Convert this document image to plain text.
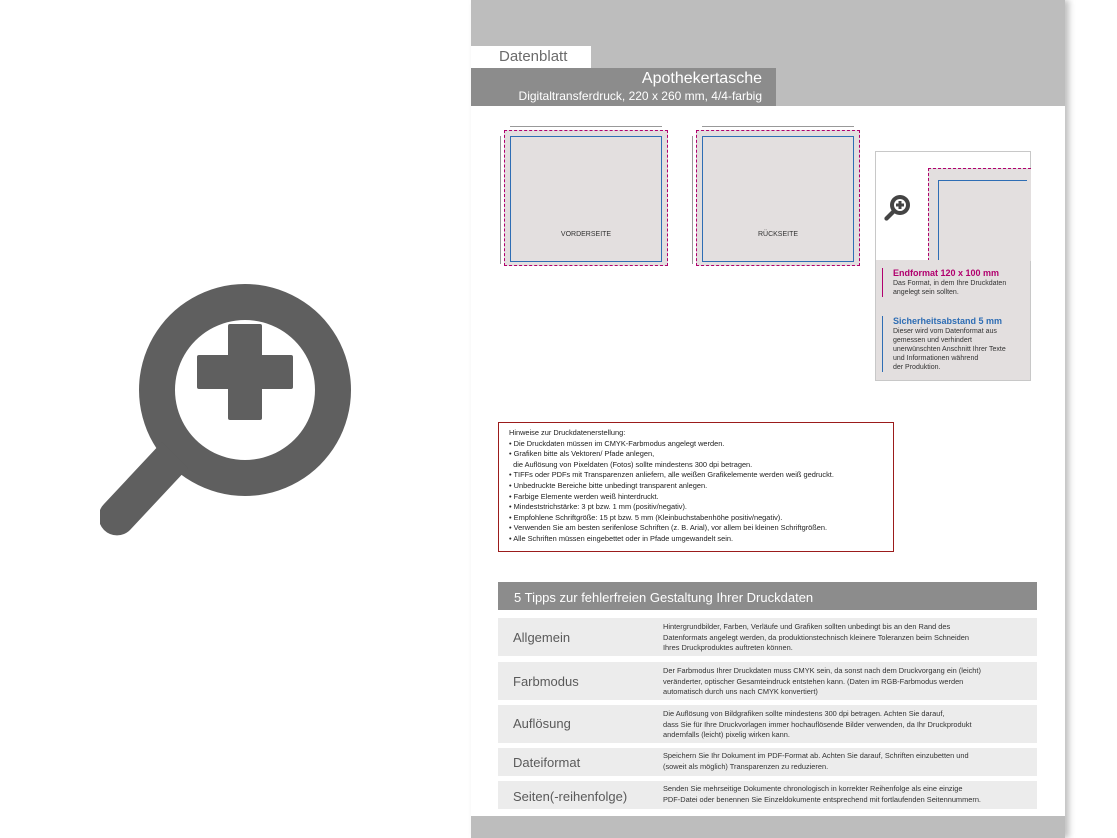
Datenblatt
Apothekertasche
Digitaltransferdruck, 220 x 260 mm, 4/4-farbig
VORDERSEITE	RÜCKSEITE
Endformat 120 x 100 mm
Das Format, in dem Ihre Druckdaten
angelegt sein sollten.
Sicherheitsabstand 5 mm
Dieser wird vom Datenformat aus
gemessen und verhindert
unerwünschten Anschnitt Ihrer Texte
und Informationen während
der Produktion.
Hinweise zur Druckdatenerstellung:
• Die Druckdaten müssen im CMYK-Farbmodus angelegt werden.
• Grafiken bitte als Vektoren/ Pfade anlegen,
die Auflösung von Pixeldaten (Fotos) sollte mindestens 300 dpi betragen.
• TIFFs oder PDFs mit Transparenzen anliefern, alle weißen Grafikelemente werden weiß gedruckt.
• Unbedruckte Bereiche bitte unbedingt transparent anlegen.
• Farbige Elemente werden weiß hinterdruckt.
• Mindeststrichstärke: 3 pt bzw. 1 mm (positiv/negativ).
• Empfohlene Schriftgröße: 15 pt bzw. 5 mm (Kleinbuchstabenhöhe positiv/negativ).
• Verwenden Sie am besten serifenlose Schriften (z. B. Arial), vor allem bei kleinen Schriftgrößen.
• Alle Schriften müssen eingebettet oder in Pfade umgewandelt sein.
5 Tipps zur fehlerfreien Gestaltung Ihrer Druckdaten
Allgemein
Hintergrundbilder, Farben, Verläufe und Grafiken sollten unbedingt bis an den Rand des
Datenformats angelegt werden, da produktionstechnisch kleinere Toleranzen beim Schneiden
Ihres Druckproduktes auftreten können.
Farbmodus
Der Farbmodus Ihrer Druckdaten muss CMYK sein, da sonst nach dem Druckvorgang ein (leicht)
veränderter, optischer Gesamteindruck entstehen kann. (Daten im RGB-Farbmodus werden
automatisch durch uns nach CMYK konvertiert)
Auflösung
Die Auflösung von Bildgrafiken sollte mindestens 300 dpi betragen. Achten Sie darauf,
dass Sie für Ihre Druckvorlagen immer hochauflösende Bilder verwenden, da Ihr Druckprodukt
andernfalls (leicht) pixelig wirken kann.
Dateiformat	Speichern Sie Ihr Dokument im PDF-Format ab. Achten Sie darauf, Schriften einzubetten und
(soweit als möglich) Transparenzen zu reduzieren.
Seiten(-reihenfolge)
Senden Sie mehrseitige Dokumente chronologisch in korrekter Reihenfolge als eine einzige
PDF-Datei oder benennen Sie Einzeldokumente entsprechend mit fortlaufenden Seitennummern.
